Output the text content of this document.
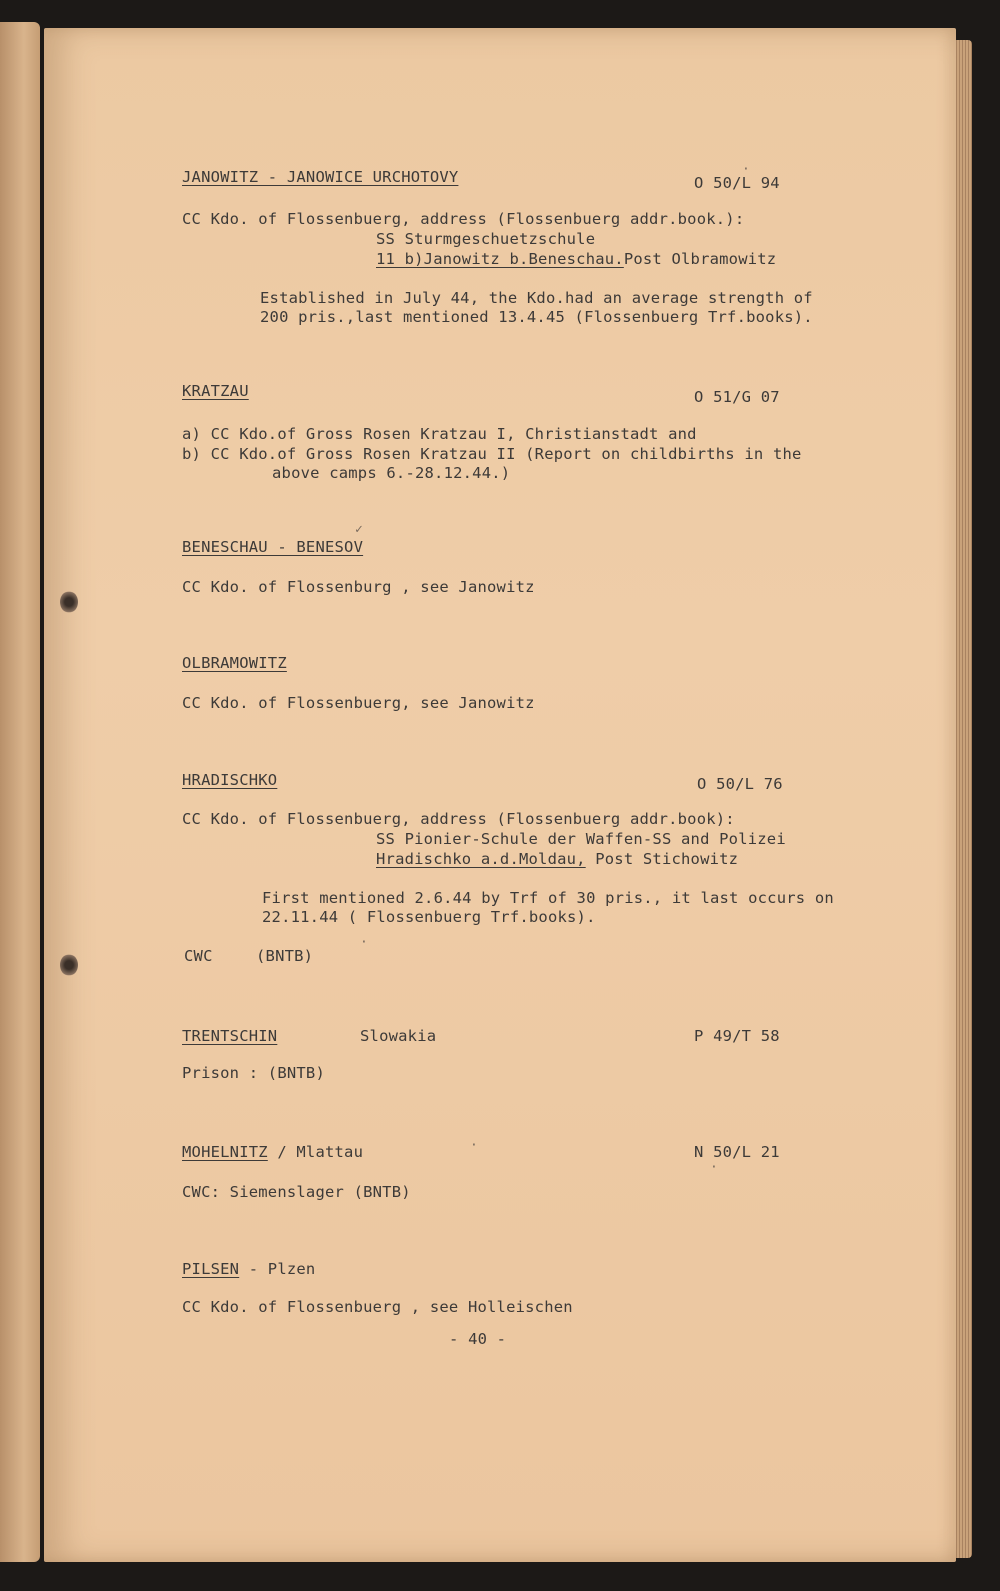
JANOWITZ - JANOWICE URCHOTOVY	O 50/L 94
CC Kdo. of Flossenbuerg, address (Flossenbuerg addr.book.):
SS Sturmgeschuetzschule
11 b)Janowitz b.Beneschau.Post Olbramowitz
Established in July 44, the Kdo.had an average strength of
200 pris.,last mentioned 13.4.45 (Flossenbuerg Trf.books).
KRATZAU	O 51/G 07
a) CC Kdo.of Gross Rosen Kratzau I, Christianstadt and
b) CC Kdo.of Gross Rosen Kratzau II (Report on childbirths in the
above camps 6.-28.12.44.)
BENESCHAU - BENESOV
CC Kdo. of Flossenburg , see Janowitz
OLBRAMOWITZ
CC Kdo. of Flossenbuerg, see Janowitz
HRADISCHKO	O 50/L 76
CC Kdo. of Flossenbuerg, address (Flossenbuerg addr.book):
SS Pionier-Schule der Waffen-SS and Polizei
Hradischko a.d.Moldau, Post Stichowitz
First mentioned 2.6.44 by Trf of 30 pris., it last occurs on
22.11.44 ( Flossenbuerg Trf.books).
CWC	(BNTB)
TRENTSCHIN	Slowakia	P 49/T 58
Prison : (BNTB)
MOHELNITZ / Mlattau	N 50/L 21
CWC: Siemenslager (BNTB)
PILSEN - Plzen
CC Kdo. of Flossenbuerg , see Holleischen
- 40 -
·
✓
·
·
·
